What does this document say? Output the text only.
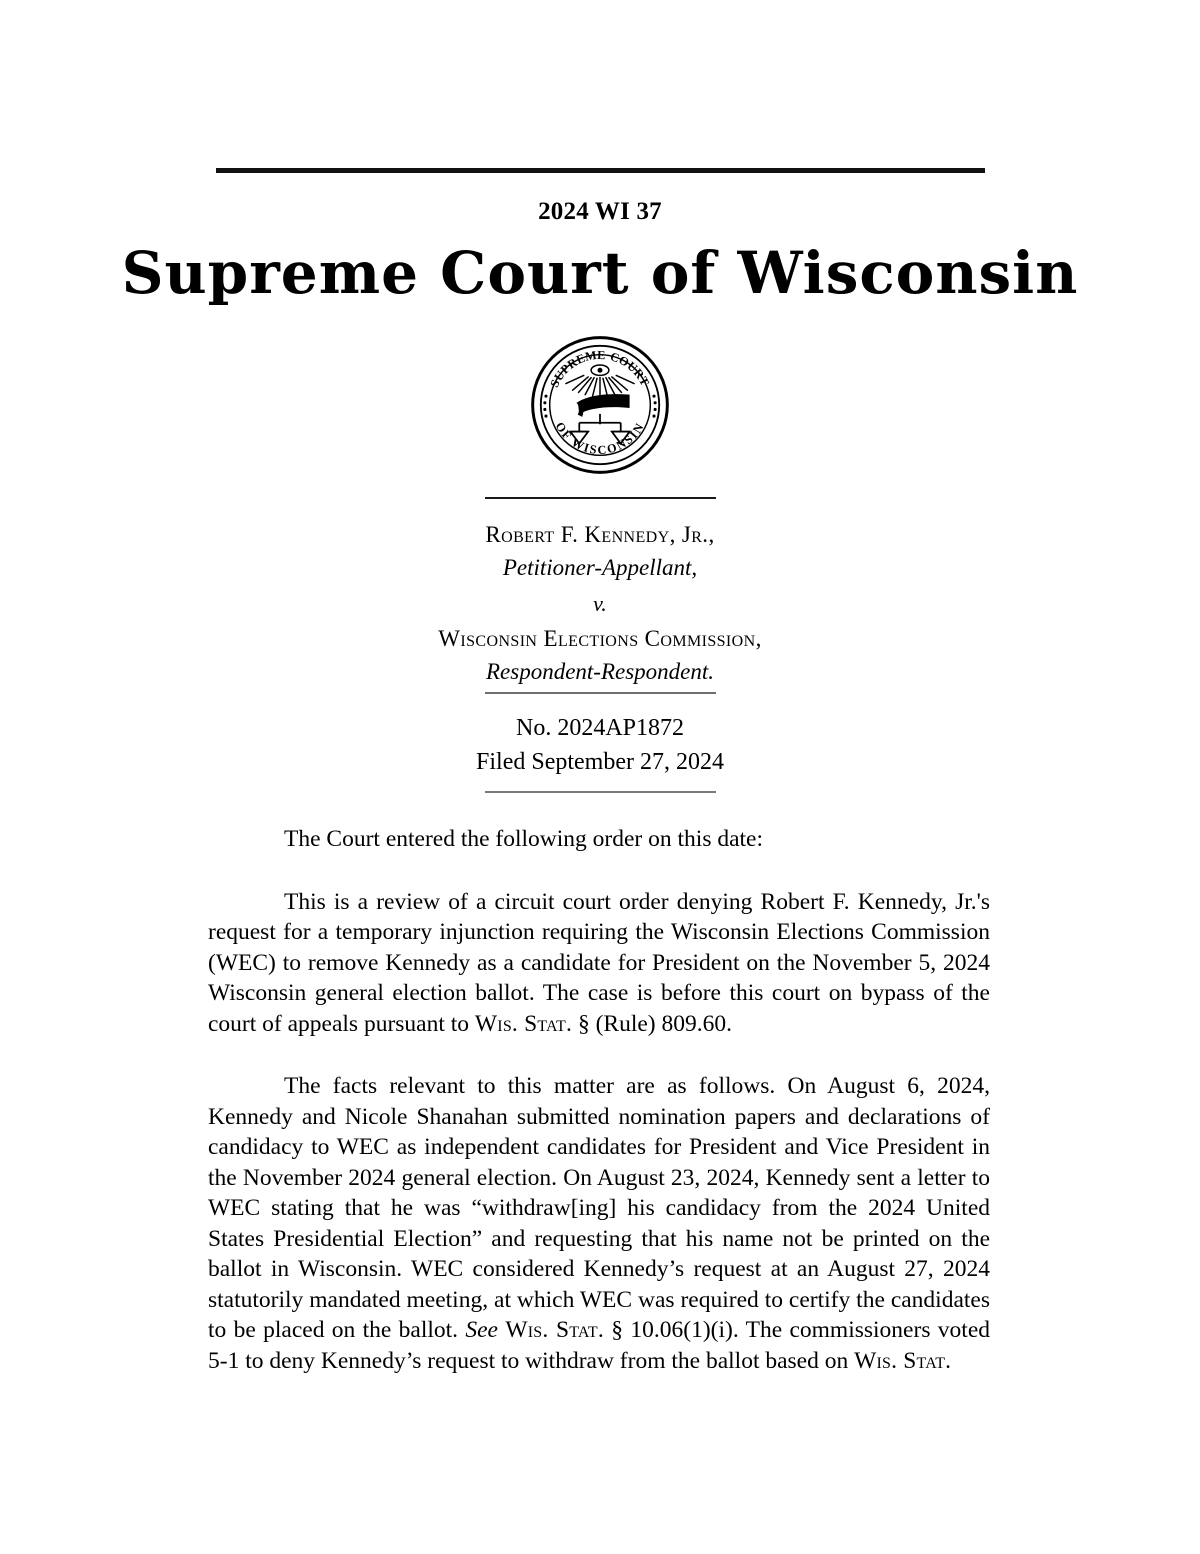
2024 WI 37
Supreme Court of Wisconsin
SUPREME COURT
OF WISCONSIN
Robert F. Kennedy, Jr.,
Petitioner-Appellant,
v.
Wisconsin Elections Commission,
Respondent-Respondent.
No. 2024AP1872
Filed September 27, 2024

The Court entered the following order on this date:

This is a review of a circuit court order denying Robert F. Kennedy, Jr.'s request for a temporary injunction requiring the Wisconsin Elections Commission (WEC) to remove Kennedy as a candidate for President on the November 5, 2024 Wisconsin general election ballot. The case is before this court on bypass of the court of appeals pursuant to Wis. Stat. § (Rule) 809.60.

The facts relevant to this matter are as follows. On August 6, 2024, Kennedy and Nicole Shanahan submitted nomination papers and declarations of candidacy to WEC as independent candidates for President and Vice President in the November 2024 general election. On August 23, 2024, Kennedy sent a letter to WEC stating that he was “withdraw[ing] his candidacy from the 2024 United States Presidential Election” and requesting that his name not be printed on the ballot in Wisconsin. WEC considered Kennedy’s request at an August 27, 2024 statutorily mandated meeting, at which WEC was required to certify the candidates to be placed on the ballot. See Wis. Stat. § 10.06(1)(i). The commissioners voted 5-1 to deny Kennedy’s request to withdraw from the ballot based on Wis. Stat.
